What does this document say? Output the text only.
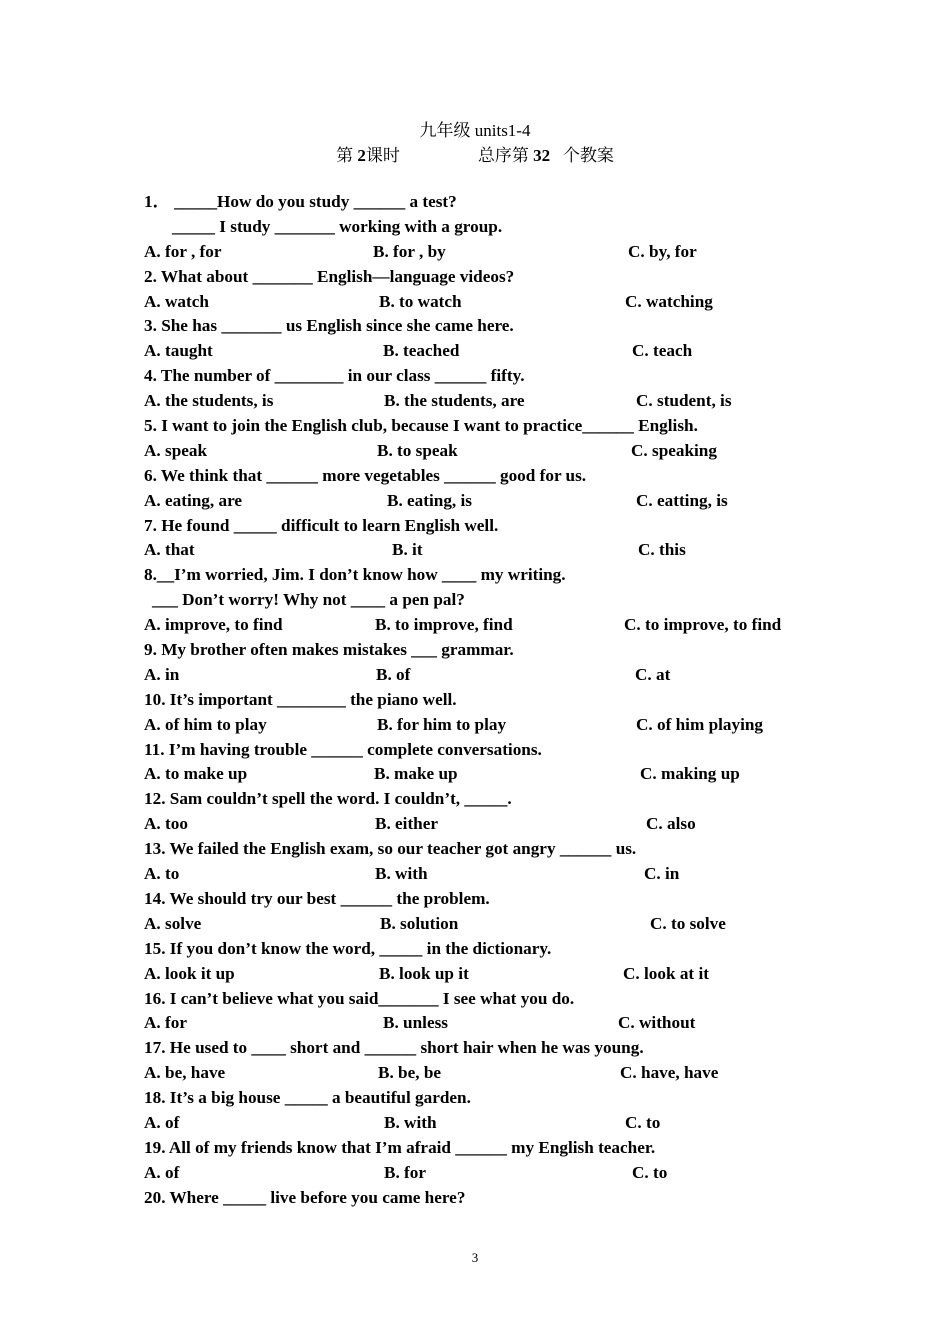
九年级 units1-4
第 2课时	总序第 32 个教案
1． _____How do you study ______ a test?
_____ I study _______ working with a group.
A. for , for	B. for , by	C. by, for
2. What about _______ English—language videos?
A. watch	B. to watch	C. watching
3. She has _______ us English since she came here.
A. taught	B. teached	C. teach
4. The number of ________ in our class ______ fifty.
A. the students, is	B. the students, are	C. student, is
5. I want to join the English club, because I want to practice______ English.
A. speak	B. to speak	C. speaking
6. We think that ______ more vegetables ______ good for us.
A. eating, are	B. eating, is	C. eatting, is
7. He found _____ difficult to learn English well.
A. that	B. it	C. this
8.__I’m worried, Jim. I don’t know how ____ my writing.
___ Don’t worry! Why not ____ a pen pal?
A. improve, to find	B. to improve, find	C. to improve, to find
9. My brother often makes mistakes ___ grammar.
A. in	B. of	C. at
10. It’s important ________ the piano well.
A. of him to play	B. for him to play	C. of him playing
11. I’m having trouble ______ complete conversations.
A. to make up	B. make up	C. making up
12. Sam couldn’t spell the word. I couldn’t, _____.
A. too	B. either	C. also
13. We failed the English exam, so our teacher got angry ______ us.
A. to	B. with	C. in
14. We should try our best ______ the problem.
A. solve	B. solution	C. to solve
15. If you don’t know the word, _____ in the dictionary.
A. look it up	B. look up it	C. look at it
16. I can’t believe what you said_______ I see what you do.
A. for	B. unless	C. without
17. He used to ____ short and ______ short hair when he was young.
A. be, have	B. be, be	C. have, have
18. It’s a big house _____ a beautiful garden.
A. of	B. with	C. to
19. All of my friends know that I’m afraid ______ my English teacher.
A. of	B. for	C. to
20. Where _____ live before you came here?
3
